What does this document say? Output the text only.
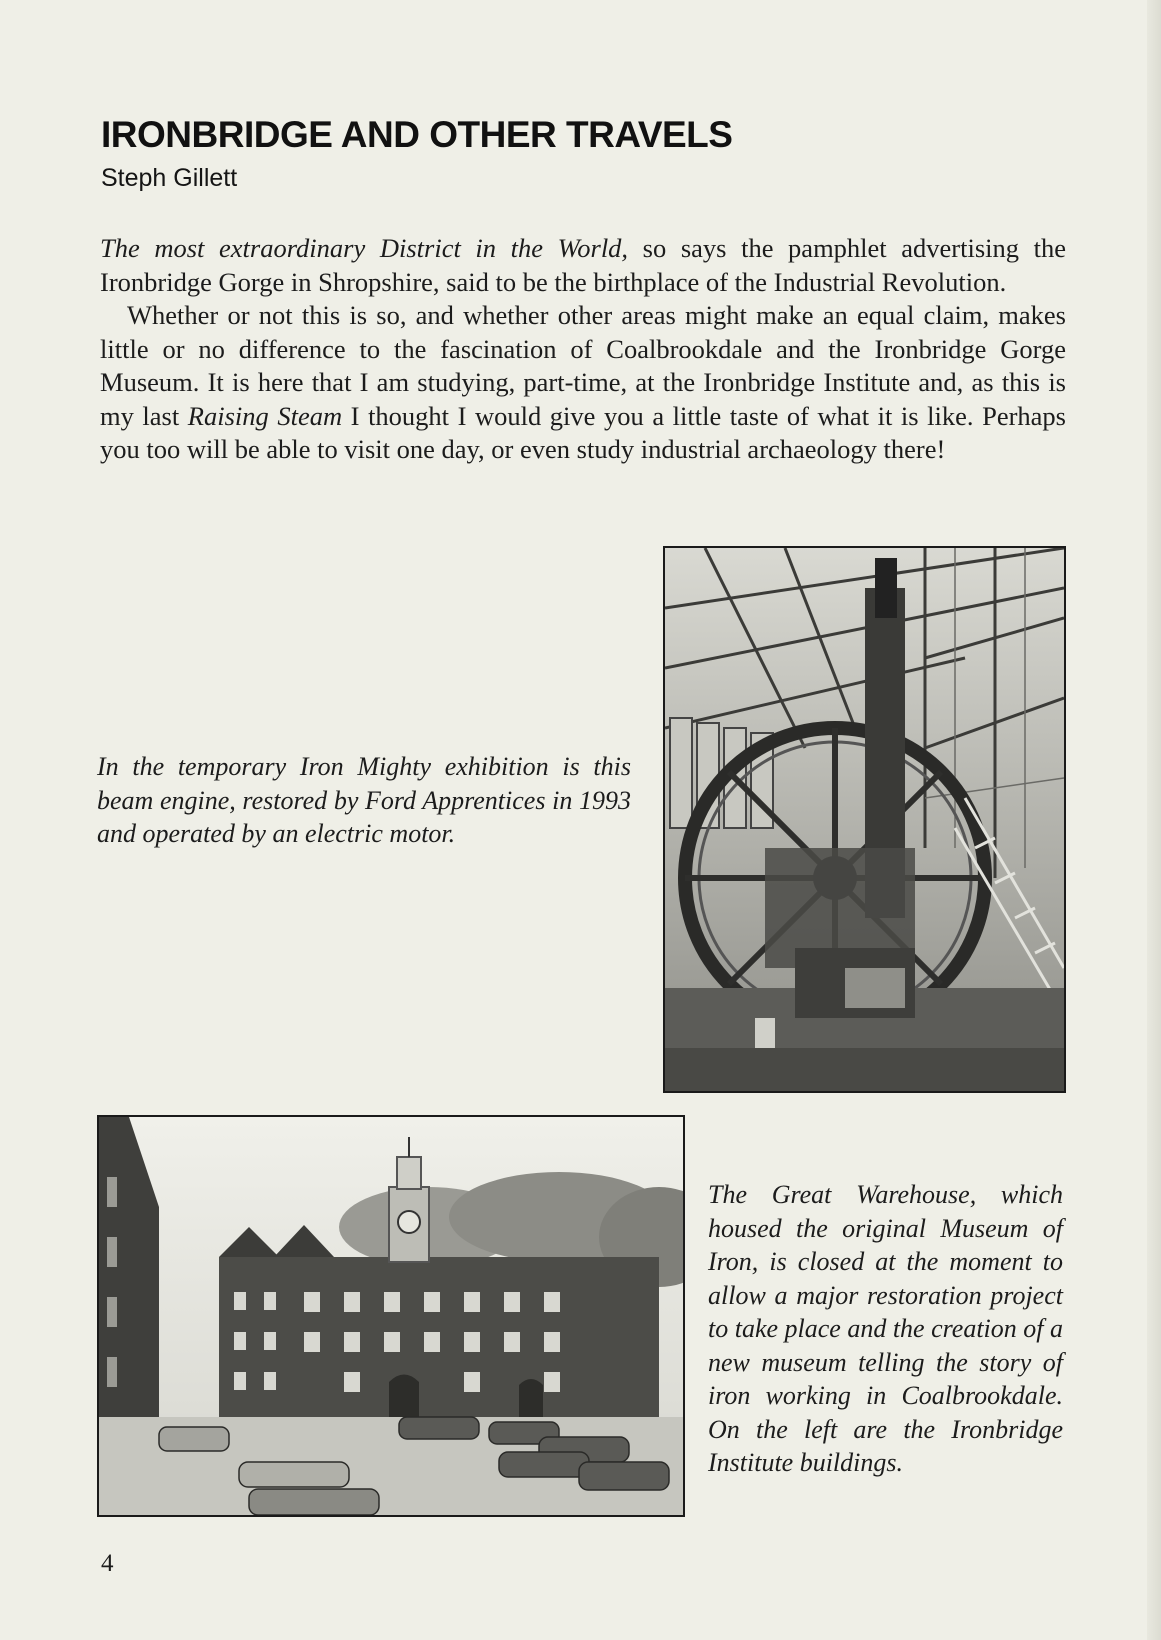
IRONBRIDGE AND OTHER TRAVELS

Steph Gillett

The most extraordinary District in the World, so says the pamphlet advertising the Ironbridge Gorge in Shropshire, said to be the birthplace of the Industrial Revolution.

Whether or not this is so, and whether other areas might make an equal claim, makes little or no difference to the fascination of Coalbrookdale and the Ironbridge Gorge Museum. It is here that I am studying, part-time, at the Ironbridge Institute and, as this is my last Raising Steam I thought I would give you a little taste of what it is like. Perhaps you too will be able to visit one day, or even study industrial archaeology there!

In the temporary Iron Mighty exhibition is this beam engine, restored by Ford Apprentices in 1993 and operated by an electric motor.

The Great Warehouse, which housed the original Museum of Iron, is closed at the moment to allow a major restoration project to take place and the creation of a new museum telling the story of iron working in Coalbrookdale. On the left are the Ironbridge Institute buildings.

4
